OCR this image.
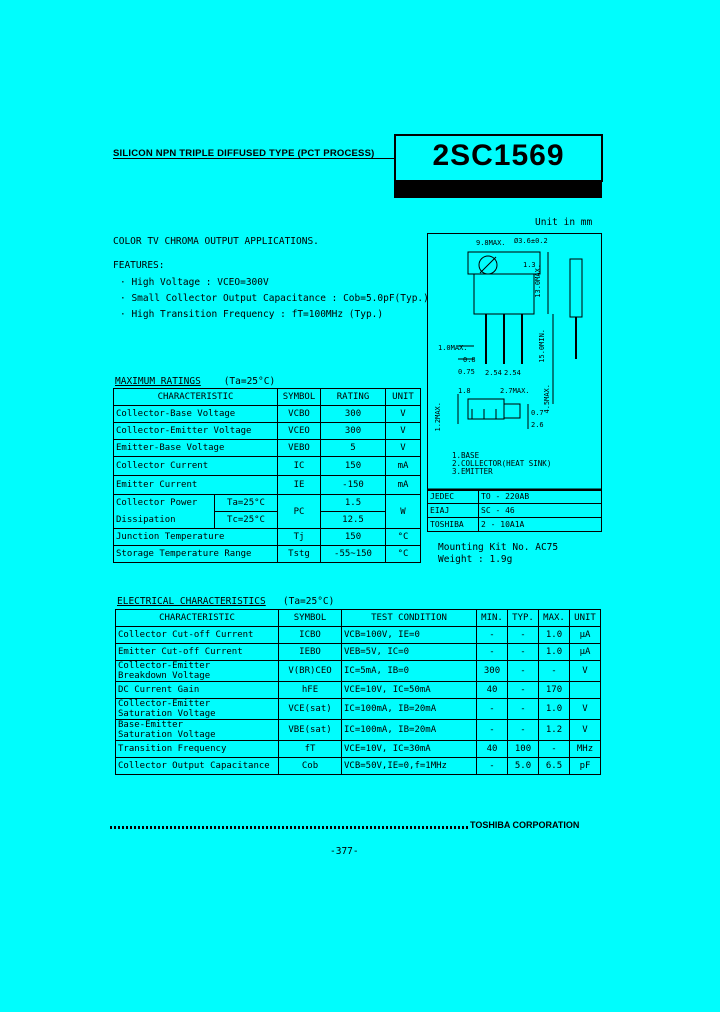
SILICON NPN TRIPLE DIFFUSED TYPE (PCT PROCESS)	2SC1569
Unit in mm
COLOR TV CHROMA OUTPUT APPLICATIONS.
FEATURES:
· High Voltage : VCEO=300V
· Small Collector Output Capacitance : Cob=5.0pF(Typ.)
· High Transition Frequency : fT=100MHz (Typ.)
9.8MAX. Ø3.6±0.2
1.3
13.0MAX.
15.0MIN.
1.0MAX.
0.8
0.75 2.54 2.54
1.8	2.7MAX.
1.2MAX.
4.5MAX.
0.7
2.6
1.BASE
2.COLLECTOR(HEAT SINK)
3.EMITTER
JEDEC	TO - 220AB
EIAJ	SC - 46
TOSHIBA	2 - 10A1A
Mounting Kit No. AC75
Weight : 1.9g
MAXIMUM RATINGS (Ta=25°C)
CHARACTERISTIC		SYMBOL	RATING	UNIT
Collector-Base Voltage		VCBO	300	V
Collector-Emitter Voltage		VCEO	300	V
Emitter-Base Voltage		VEBO	5	V
Collector Current		IC	150	mA
Emitter Current		IE	-150	mA
Collector Power	Ta=25°C	PC	1.5	W
Dissipation	Tc=25°C		12.5	
Junction Temperature		Tj	150	°C
Storage Temperature Range		Tstg	-55~150	°C
ELECTRICAL CHARACTERISTICS (Ta=25°C)
CHARACTERISTIC	SYMBOL	TEST CONDITION	MIN.	TYP.	MAX.	UNIT
Collector Cut-off Current	ICBO	VCB=100V, IE=0	-	-	1.0	μA
Emitter Cut-off Current	IEBO	VEB=5V, IC=0	-	-	1.0	μA

Collector-Emitter
Breakdown Voltage	V(BR)CEO	IC=5mA, IB=0	300	-	-	V
DC Current Gain	hFE	VCE=10V, IC=50mA	40	-	170	

Collector-Emitter
Saturation Voltage	VCE(sat)	IC=100mA, IB=20mA	-	-	1.0	V

Base-Emitter
Saturation Voltage	VBE(sat)	IC=100mA, IB=20mA	-	-	1.2	V
Transition Frequency	fT	VCE=10V, IC=30mA	40	100	-	MHz
Collector Output Capacitance	Cob	VCB=50V,IE=0,f=1MHz	-	5.0	6.5	pF
TOSHIBA CORPORATION
-377-
